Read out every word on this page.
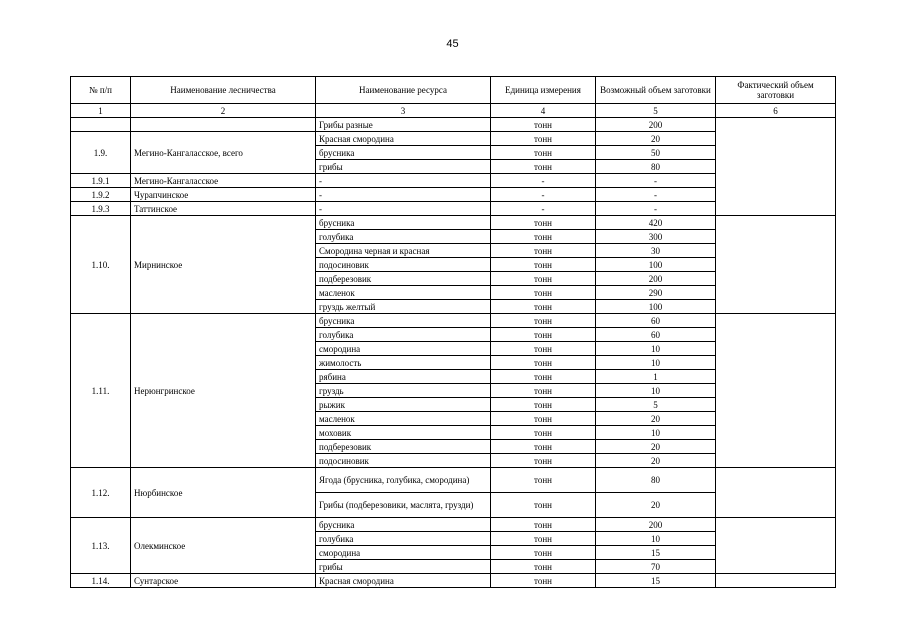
45
№ п/п	Наименование лесничества	Наименование ресурса	Единица измерения	Возможный объем заготовки	Фактический объем заготовки
1	2	3	4	5	6
		Грибы разные	тонн	200	
1.9.	Мегино-Кангаласское, всего	Красная смородина	тонн	20	
		брусника	тонн	50	
		грибы	тонн	80	
1.9.1	Мегино-Кангаласское	-	-	-	
1.9.2	Чурапчинское	-	-	-	
1.9.3	Таттинское	-	-	-	
1.10.	Мирнинское	брусника	тонн	420	
		голубика	тонн	300	
		Смородина черная и красная	тонн	30	
		подосиновик	тонн	100	
		подберезовик	тонн	200	
		масленок	тонн	290	
		груздь желтый	тонн	100	
1.11.	Нерюнгринское	брусника	тонн	60	
		голубика	тонн	60	
		смородина	тонн	10	
		жимолость	тонн	10	
		рябина	тонн	1	
		груздь	тонн	10	
		рыжик	тонн	5	
		масленок	тонн	20	
		моховик	тонн	10	
		подберезовик	тонн	20	
		подосиновик	тонн	20	
1.12.	Нюрбинское	Ягода (брусника, голубика, смородина)	тонн	80	
		Грибы (подберезовики, маслята, грузди)	тонн	20	
1.13.	Олекминское	брусника	тонн	200	
		голубика	тонн	10	
		смородина	тонн	15	
		грибы	тонн	70	
1.14.	Сунтарское	Красная смородина	тонн	15	
